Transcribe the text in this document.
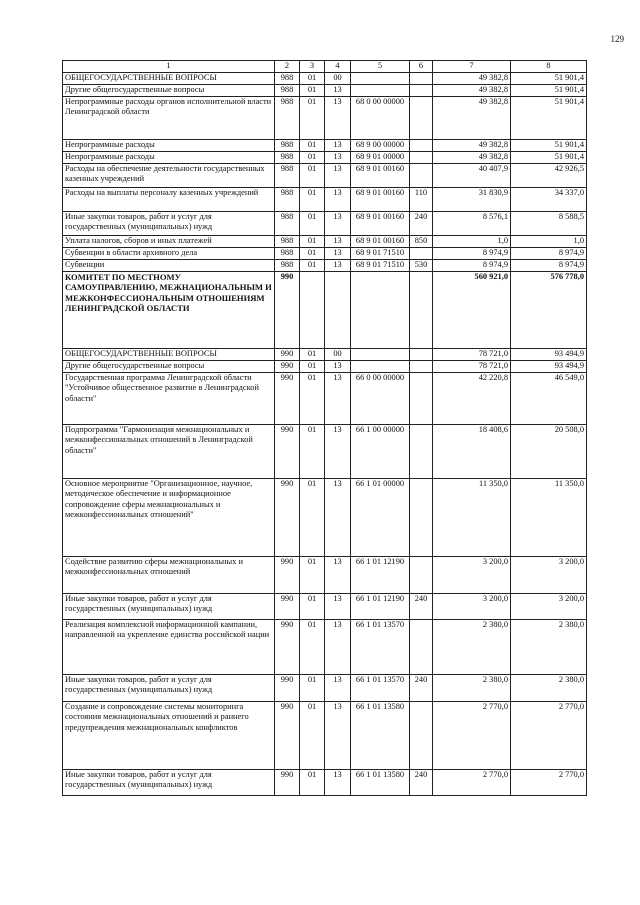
129
1	2	3	4	5	6	7	8
ОБЩЕГОСУДАРСТВЕННЫЕ ВОПРОСЫ	988	01	00			49 382,8	51 901,4
Другие общегосударственные вопросы	988	01	13			49 382,8	51 901,4
Непрограммные расходы органов исполнительной власти Ленинградской области	988	01	13	68 0 00 00000		49 382,8	51 901,4
Непрограммные расходы	988	01	13	68 9 00 00000		49 382,8	51 901,4
Непрограммные расходы	988	01	13	68 9 01 00000		49 382,8	51 901,4
Расходы на обеспечение деятельности государственных казенных учреждений	988	01	13	68 9 01 00160		40 407,9	42 926,5
Расходы на выплаты персоналу казенных учреждений	988	01	13	68 9 01 00160	110	31 830,9	34 337,0
Иные закупки товаров, работ и услуг для государственных (муниципальных) нужд	988	01	13	68 9 01 00160	240	8 576,1	8 588,5
Уплата налогов, сборов и иных платежей	988	01	13	68 9 01 00160	850	1,0	1,0
Субвенции в области архивного дела	988	01	13	68 9 01 71510		8 974,9	8 974,9
Субвенции	988	01	13	68 9 01 71510	530	8 974,9	8 974,9
КОМИТЕТ ПО МЕСТНОМУ САМОУПРАВЛЕНИЮ, МЕЖНАЦИОНАЛЬНЫМ И МЕЖКОНФЕССИОНАЛЬНЫМ ОТНОШЕНИЯМ ЛЕНИНГРАДСКОЙ ОБЛАСТИ	990					560 921,0	576 778,0
ОБЩЕГОСУДАРСТВЕННЫЕ ВОПРОСЫ	990	01	00			78 721,0	93 494,9
Другие общегосударственные вопросы	990	01	13			78 721,0	93 494,9
Государственная программа Ленинградской области "Устойчивое общественное развитие в Ленинградской области"	990	01	13	66 0 00 00000		42 220,8	46 549,0
Подпрограмма "Гармонизация межнациональных и межконфессиональных отношений в Ленинградской области"	990	01	13	66 1 00 00000		18 408,6	20 508,0
Основное мероприятие "Организационное, научное, методическое обеспечение и информационное сопровождение сферы межнациональных и межконфессиональных отношений"	990	01	13	66 1 01 00000		11 350,0	11 350,0
Содействие развитию сферы межнациональных и межконфессиональных отношений	990	01	13	66 1 01 12190		3 200,0	3 200,0
Иные закупки товаров, работ и услуг для государственных (муниципальных) нужд	990	01	13	66 1 01 12190	240	3 200,0	3 200,0
Реализация комплексной информационной кампании, направленной на укрепление единства российской нации	990	01	13	66 1 01 13570		2 380,0	2 380,0
Иные закупки товаров, работ и услуг для государственных (муниципальных) нужд	990	01	13	66 1 01 13570	240	2 380,0	2 380,0
Создание и сопровождение системы мониторинга состояния межнациональных отношений и раннего предупреждения межнациональных конфликтов	990	01	13	66 1 01 13580		2 770,0	2 770,0
Иные закупки товаров, работ и услуг для государственных (муниципальных) нужд	990	01	13	66 1 01 13580	240	2 770,0	2 770,0
